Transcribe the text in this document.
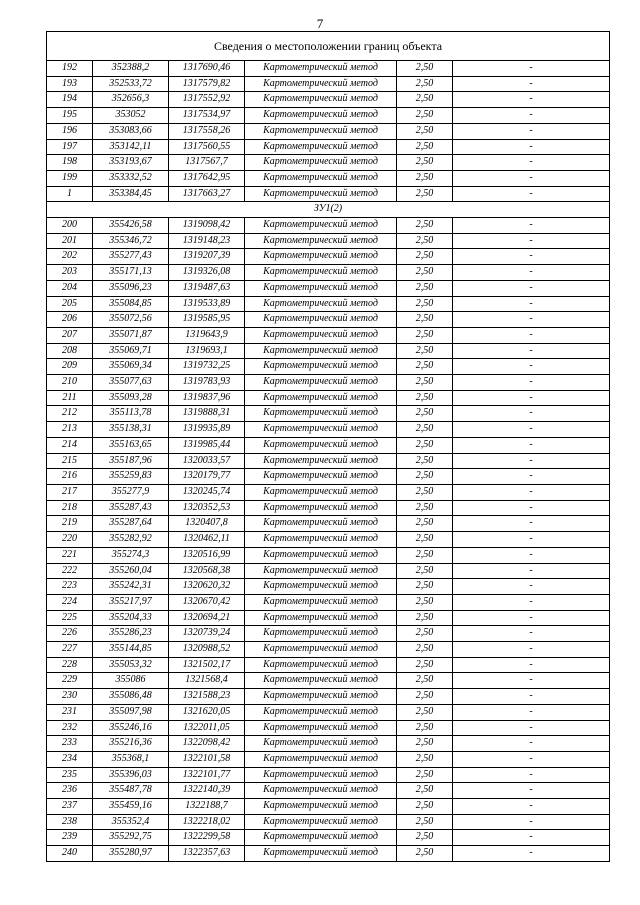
7
Сведения о местоположении границ объекта					
192	352388,2	1317690,46	Картометрический метод	2,50	-
193	352533,72	1317579,82	Картометрический метод	2,50	-
194	352656,3	1317552,92	Картометрический метод	2,50	-
195	353052	1317534,97	Картометрический метод	2,50	-
196	353083,66	1317558,26	Картометрический метод	2,50	-
197	353142,11	1317560,55	Картометрический метод	2,50	-
198	353193,67	1317567,7	Картометрический метод	2,50	-
199	353332,52	1317642,95	Картометрический метод	2,50	-
1	353384,45	1317663,27	Картометрический метод	2,50	-
ЗУ1(2)					
200	355426,58	1319098,42	Картометрический метод	2,50	-
201	355346,72	1319148,23	Картометрический метод	2,50	-
202	355277,43	1319207,39	Картометрический метод	2,50	-
203	355171,13	1319326,08	Картометрический метод	2,50	-
204	355096,23	1319487,63	Картометрический метод	2,50	-
205	355084,85	1319533,89	Картометрический метод	2,50	-
206	355072,56	1319585,95	Картометрический метод	2,50	-
207	355071,87	1319643,9	Картометрический метод	2,50	-
208	355069,71	1319693,1	Картометрический метод	2,50	-
209	355069,34	1319732,25	Картометрический метод	2,50	-
210	355077,63	1319783,93	Картометрический метод	2,50	-
211	355093,28	1319837,96	Картометрический метод	2,50	-
212	355113,78	1319888,31	Картометрический метод	2,50	-
213	355138,31	1319935,89	Картометрический метод	2,50	-
214	355163,65	1319985,44	Картометрический метод	2,50	-
215	355187,96	1320033,57	Картометрический метод	2,50	-
216	355259,83	1320179,77	Картометрический метод	2,50	-
217	355277,9	1320245,74	Картометрический метод	2,50	-
218	355287,43	1320352,53	Картометрический метод	2,50	-
219	355287,64	1320407,8	Картометрический метод	2,50	-
220	355282,92	1320462,11	Картометрический метод	2,50	-
221	355274,3	1320516,99	Картометрический метод	2,50	-
222	355260,04	1320568,38	Картометрический метод	2,50	-
223	355242,31	1320620,32	Картометрический метод	2,50	-
224	355217,97	1320670,42	Картометрический метод	2,50	-
225	355204,33	1320694,21	Картометрический метод	2,50	-
226	355286,23	1320739,24	Картометрический метод	2,50	-
227	355144,85	1320988,52	Картометрический метод	2,50	-
228	355053,32	1321502,17	Картометрический метод	2,50	-
229	355086	1321568,4	Картометрический метод	2,50	-
230	355086,48	1321588,23	Картометрический метод	2,50	-
231	355097,98	1321620,05	Картометрический метод	2,50	-
232	355246,16	1322011,05	Картометрический метод	2,50	-
233	355216,36	1322098,42	Картометрический метод	2,50	-
234	355368,1	1322101,58	Картометрический метод	2,50	-
235	355396,03	1322101,77	Картометрический метод	2,50	-
236	355487,78	1322140,39	Картометрический метод	2,50	-
237	355459,16	1322188,7	Картометрический метод	2,50	-
238	355352,4	1322218,02	Картометрический метод	2,50	-
239	355292,75	1322299,58	Картометрический метод	2,50	-
240	355280,97	1322357,63	Картометрический метод	2,50	-
